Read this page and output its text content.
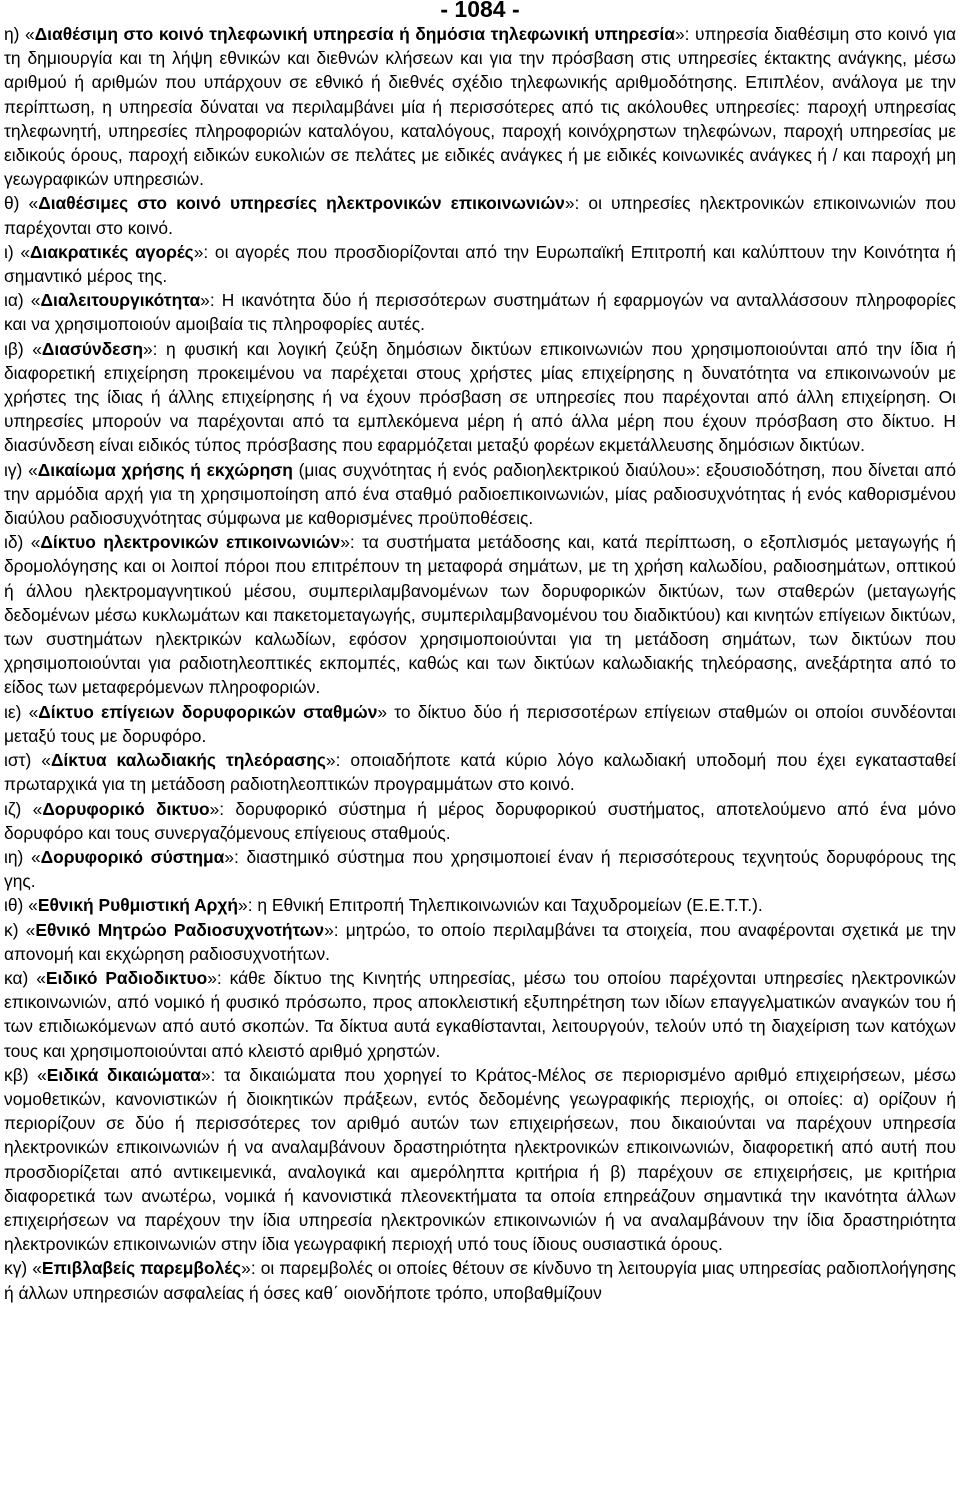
- 1084 -

η) «Διαθέσιμη στο κοινό τηλεφωνική υπηρεσία ή δημόσια τηλεφωνική υπηρεσία»: υπηρεσία διαθέσιμη στο κοινό για τη δημιουργία και τη λήψη εθνικών και διεθνών κλήσεων και για την πρόσβαση στις υπηρεσίες έκτακτης ανάγκης, μέσω αριθμού ή αριθμών που υπάρχουν σε εθνικό ή διεθνές σχέδιο τηλεφωνικής αριθμοδότησης. Επιπλέον, ανάλογα με την περίπτωση, η υπηρεσία δύναται να περιλαμβάνει μία ή περισσότερες από τις ακόλουθες υπηρεσίες: παροχή υπηρεσίας τηλεφωνητή, υπηρεσίες πληροφοριών καταλόγου, καταλόγους, παροχή κοινόχρηστων τηλεφώνων, παροχή υπηρεσίας με ειδικούς όρους, παροχή ειδικών ευκολιών σε πελάτες με ειδικές ανάγκες ή με ειδικές κοινωνικές ανάγκες ή / και παροχή μη γεωγραφικών υπηρεσιών.

θ) «Διαθέσιμες στο κοινό υπηρεσίες ηλεκτρονικών επικοινωνιών»: οι υπηρεσίες ηλεκτρονικών επικοινωνιών που παρέχονται στο κοινό.

ι) «Διακρατικές αγορές»: οι αγορές που προσδιορίζονται από την Ευρωπαϊκή Επιτροπή και καλύπτουν την Κοινότητα ή σημαντικό μέρος της.

ια) «Διαλειτουργικότητα»: Η ικανότητα δύο ή περισσότερων συστημάτων ή εφαρμογών να ανταλλάσσουν πληροφορίες και να χρησιμοποιούν αμοιβαία τις πληροφορίες αυτές.

ιβ) «Διασύνδεση»: η φυσική και λογική ζεύξη δημόσιων δικτύων επικοινωνιών που χρησιμοποιούνται από την ίδια ή διαφορετική επιχείρηση προκειμένου να παρέχεται στους χρήστες μίας επιχείρησης η δυνατότητα να επικοινωνούν με χρήστες της ίδιας ή άλλης επιχείρησης ή να έχουν πρόσβαση σε υπηρεσίες που παρέχονται από άλλη επιχείρηση. Οι υπηρεσίες μπορούν να παρέχονται από τα εμπλεκόμενα μέρη ή από άλλα μέρη που έχουν πρόσβαση στο δίκτυο. Η διασύνδεση είναι ειδικός τύπος πρόσβασης που εφαρμόζεται μεταξύ φορέων εκμετάλλευσης δημόσιων δικτύων.

ιγ) «Δικαίωμα χρήσης ή εκχώρηση (μιας συχνότητας ή ενός ραδιοηλεκτρικού διαύλου»: εξουσιοδότηση, που δίνεται από την αρμόδια αρχή για τη χρησιμοποίηση από ένα σταθμό ραδιοεπικοινωνιών, μίας ραδιοσυχνότητας ή ενός καθορισμένου διαύλου ραδιοσυχνότητας σύμφωνα με καθορισμένες προϋποθέσεις.

ιδ) «Δίκτυο ηλεκτρονικών επικοινωνιών»: τα συστήματα μετάδοσης και, κατά περίπτωση, ο εξοπλισμός μεταγωγής ή δρομολόγησης και οι λοιποί πόροι που επιτρέπουν τη μεταφορά σημάτων, με τη χρήση καλωδίου, ραδιοσημάτων, οπτικού ή άλλου ηλεκτρομαγνητικού μέσου, συμπεριλαμβανομένων των δορυφορικών δικτύων, των σταθερών (μεταγωγής δεδομένων μέσω κυκλωμάτων και πακετομεταγωγής, συμπεριλαμβανομένου του διαδικτύου) και κινητών επίγειων δικτύων, των συστημάτων ηλεκτρικών καλωδίων, εφόσον χρησιμοποιούνται για τη μετάδοση σημάτων, των δικτύων που χρησιμοποιούνται για ραδιοτηλεοπτικές εκπομπές, καθώς και των δικτύων καλωδιακής τηλεόρασης, ανεξάρτητα από το είδος των μεταφερόμενων πληροφοριών.

ιε) «Δίκτυο επίγειων δορυφορικών σταθμών» το δίκτυο δύο ή περισσοτέρων επίγειων σταθμών οι οποίοι συνδέονται μεταξύ τους με δορυφόρο.

ιστ) «Δίκτυα καλωδιακής τηλεόρασης»: οποιαδήποτε κατά κύριο λόγο καλωδιακή υποδομή που έχει εγκατασταθεί πρωταρχικά για τη μετάδοση ραδιοτηλεοπτικών προγραμμάτων στο κοινό.

ιζ) «Δορυφορικό δικτυο»: δορυφορικό σύστημα ή μέρος δορυφορικού συστήματος, αποτελούμενο από ένα μόνο δορυφόρο και τους συνεργαζόμενους επίγειους σταθμούς.

ιη) «Δορυφορικό σύστημα»: διαστημικό σύστημα που χρησιμοποιεί έναν ή περισσότερους τεχνητούς δορυφόρους της γης.

ιθ) «Εθνική Ρυθμιστική Αρχή»: η Εθνική Επιτροπή Τηλεπικοινωνιών και Ταχυδρομείων (Ε.Ε.Τ.Τ.).

κ) «Εθνικό Μητρώο Ραδιοσυχνοτήτων»: μητρώο, το οποίο περιλαμβάνει τα στοιχεία, που αναφέρονται σχετικά με την απονομή και εκχώρηση ραδιοσυχνοτήτων.

κα) «Ειδικό Ραδιοδικτυο»: κάθε δίκτυο της Κινητής υπηρεσίας, μέσω του οποίου παρέχονται υπηρεσίες ηλεκτρονικών επικοινωνιών, από νομικό ή φυσικό πρόσωπο, προς αποκλειστική εξυπηρέτηση των ιδίων επαγγελματικών αναγκών του ή των επιδιωκόμενων από αυτό σκοπών. Τα δίκτυα αυτά εγκαθίστανται, λειτουργούν, τελούν υπό τη διαχείριση των κατόχων τους και χρησιμοποιούνται από κλειστό αριθμό χρηστών.

κβ) «Ειδικά δικαιώματα»: τα δικαιώματα που χορηγεί το Κράτος-Μέλος σε περιορισμένο αριθμό επιχειρήσεων, μέσω νομοθετικών, κανονιστικών ή διοικητικών πράξεων, εντός δεδομένης γεωγραφικής περιοχής, οι οποίες: α) ορίζουν ή περιορίζουν σε δύο ή περισσότερες τον αριθμό αυτών των επιχειρήσεων, που δικαιούνται να παρέχουν υπηρεσία ηλεκτρονικών επικοινωνιών ή να αναλαμβάνουν δραστηριότητα ηλεκτρονικών επικοινωνιών, διαφορετική από αυτή που προσδιορίζεται από αντικειμενικά, αναλογικά και αμερόληπτα κριτήρια ή β) παρέχουν σε επιχειρήσεις, με κριτήρια διαφορετικά των ανωτέρω, νομικά ή κανονιστικά πλεονεκτήματα τα οποία επηρεάζουν σημαντικά την ικανότητα άλλων επιχειρήσεων να παρέχουν την ίδια υπηρεσία ηλεκτρονικών επικοινωνιών ή να αναλαμβάνουν την ίδια δραστηριότητα ηλεκτρονικών επικοινωνιών στην ίδια γεωγραφική περιοχή υπό τους ίδιους ουσιαστικά όρους.

κγ) «Επιβλαβείς παρεμβολές»: οι παρεμβολές οι οποίες θέτουν σε κίνδυνο τη λειτουργία μιας υπηρεσίας ραδιοπλοήγησης ή άλλων υπηρεσιών ασφαλείας ή όσες καθ΄ οιονδήποτε τρόπο, υποβαθμίζουν
